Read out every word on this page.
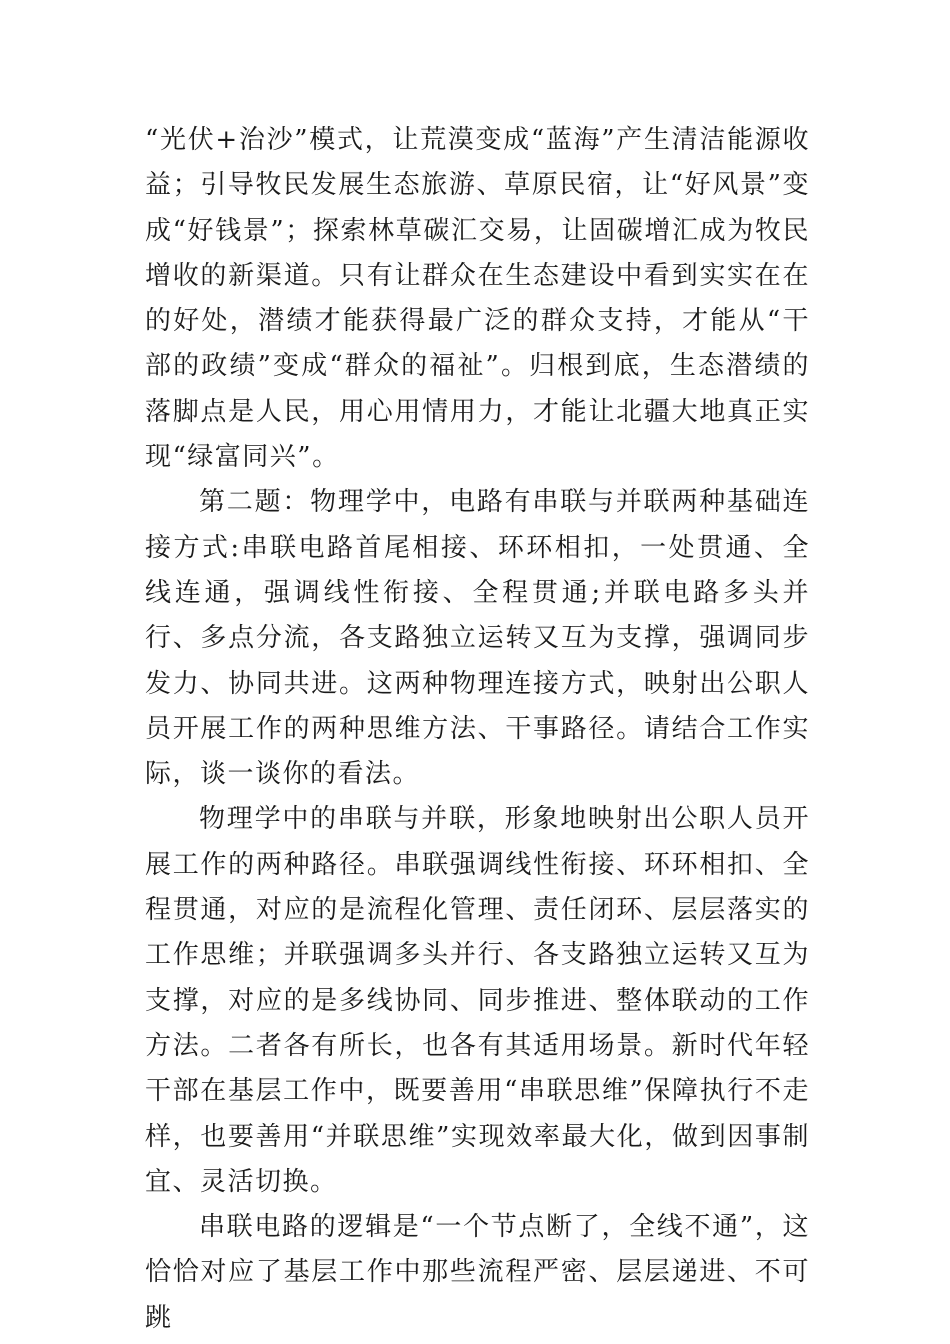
“光伏+治沙”模式，让荒漠变成“蓝海”产生清洁能源收益；引导牧民发展生态旅游、草原民宿，让“好风景”变成“好钱景”；探索林草碳汇交易，让固碳增汇成为牧民增收的新渠道。只有让群众在生态建设中看到实实在在的好处，潜绩才能获得最广泛的群众支持，才能从“干部的政绩”变成“群众的福祉”。归根到底，生态潜绩的落脚点是人民，用心用情用力，才能让北疆大地真正实现“绿富同兴”。

第二题：物理学中，电路有串联与并联两种基础连接方式:串联电路首尾相接、环环相扣，一处贯通、全线连通，强调线性衔接、全程贯通;并联电路多头并行、多点分流，各支路独立运转又互为支撑，强调同步发力、协同共进。这两种物理连接方式，映射出公职人员开展工作的两种思维方法、干事路径。请结合工作实际，谈一谈你的看法。

物理学中的串联与并联，形象地映射出公职人员开展工作的两种路径。串联强调线性衔接、环环相扣、全程贯通，对应的是流程化管理、责任闭环、层层落实的工作思维；并联强调多头并行、各支路独立运转又互为支撑，对应的是多线协同、同步推进、整体联动的工作方法。二者各有所长，也各有其适用场景。新时代年轻干部在基层工作中，既要善用“串联思维”保障执行不走样，也要善用“并联思维”实现效率最大化，做到因事制宜、灵活切换。

串联电路的逻辑是“一个节点断了，全线不通”，这恰恰对应了基层工作中那些流程严密、层层递进、不可跳
